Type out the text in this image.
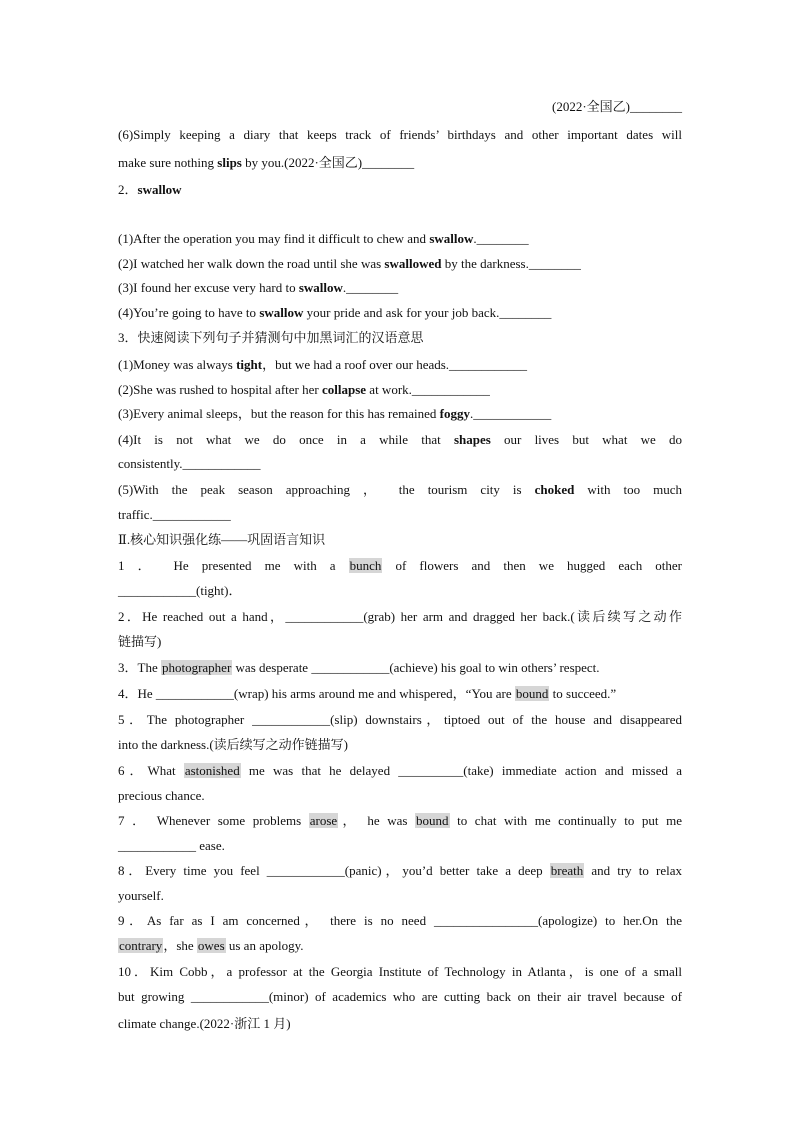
(2022·全国乙)________
(6)Simply keeping a diary that keeps track of friends’ birthdays and other important dates will
make sure nothing slips by you.(2022·全国乙)________
2．swallow
(1)After the operation you may find it difficult to chew and swallow.________
(2)I watched her walk down the road until she was swallowed by the darkness.________
(3)I found her excuse very hard to swallow.________
(4)You’re going to have to swallow your pride and ask for your job back.________
3．快速阅读下列句子并猜测句中加黑词汇的汉语意思
(1)Money was always tight，but we had a roof over our heads.____________
(2)She was rushed to hospital after her collapse at work.____________
(3)Every animal sleeps，but the reason for this has remained foggy.____________
(4)It is not what we do once in a while that shapes our lives but what we do
consistently.____________
(5)With the peak season approaching ， the tourism city is choked with too much
traffic.____________
Ⅱ.核心知识强化练——巩固语言知识
1 ． He presented me with a bunch of flowers and then we hugged each other
____________(tight)．
2．He reached out a hand，____________(grab) her arm and dragged her back.(读后续写之动作
链描写)
3．The photographer was desperate ____________(achieve) his goal to win others’ respect.
4．He ____________(wrap) his arms around me and whispered，“You are bound to succeed.”
5．The photographer ____________(slip) downstairs，tiptoed out of the house and disappeared
into the darkness.(读后续写之动作链描写)
6．What astonished me was that he delayed __________(take) immediate action and missed a
precious chance.
7 ． Whenever some problems arose， he was bound to chat with me continually to put me
____________ ease.
8．Every time you feel ____________(panic)，you’d better take a deep breath and try to relax
yourself.
9．As far as I am concerned， there is no need ________________(apologize) to her.On the
contrary，she owes us an apology.
10．Kim Cobb，a professor at the Georgia Institute of Technology in Atlanta，is one of a small
but growing ____________(minor) of academics who are cutting back on their air travel because of
climate change.(2022·浙江 1 月)
